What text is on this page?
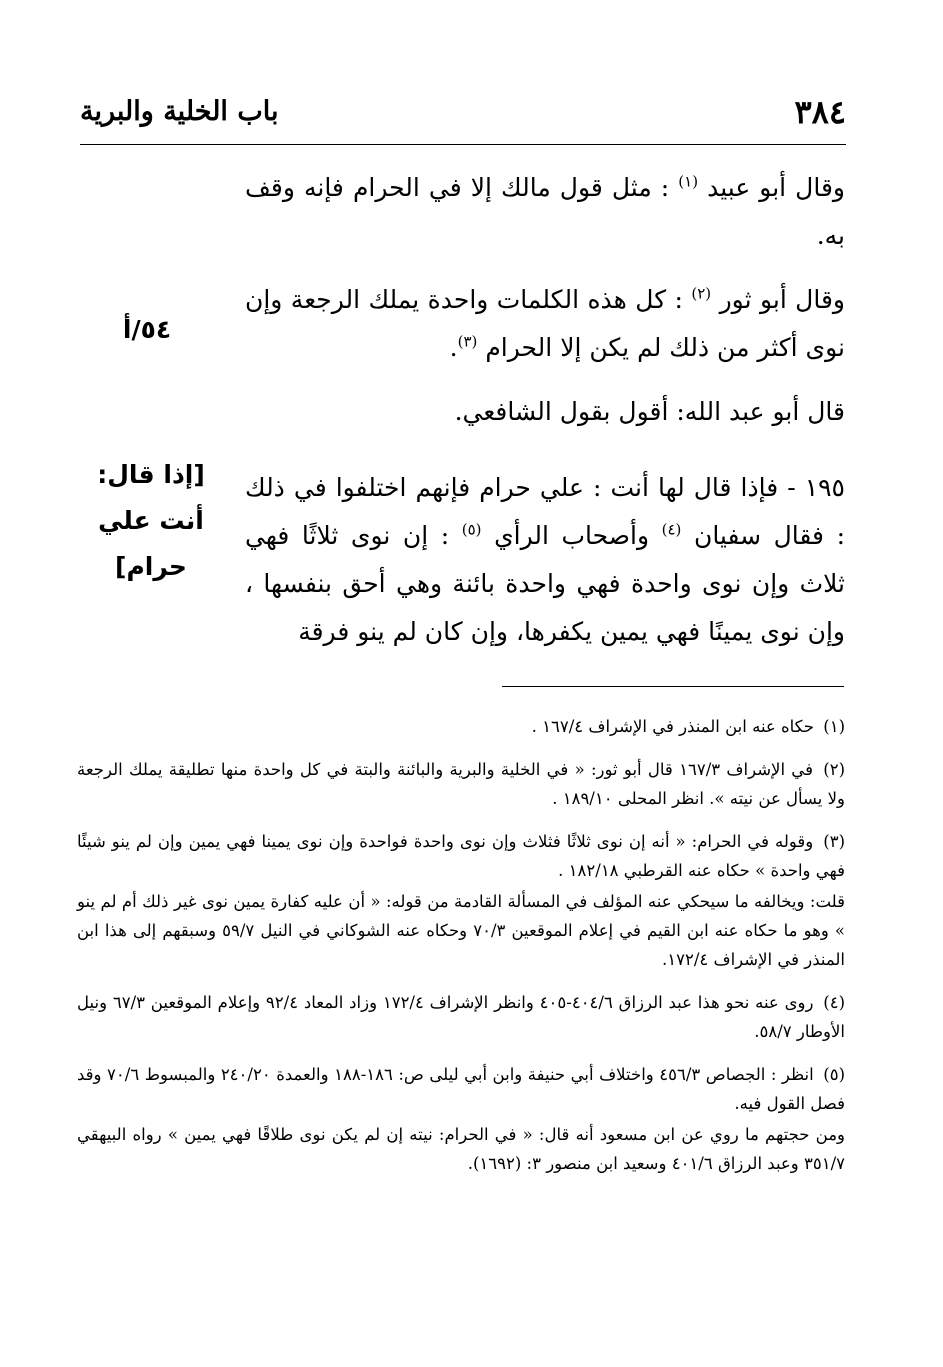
٣٨٤
باب الخلية والبرية

وقال أبو عبيد $^{(١)}$ : مثل قول مالك إلا في الحرام فإنه وقف به.

وقال أبو ثور $^{(٢)}$ : كل هذه الكلمات واحدة يملك الرجعة وإن نوى أكثر من ذلك لم يكن إلا الحرام $^{(٣)}$.

قال أبو عبد الله: أقول بقول الشافعي.

١٩٥ - فإذا قال لها أنت : علي حرام فإنهم اختلفوا في ذلك : فقال سفيان $^{(٤)}$ وأصحاب الرأي $^{(٥)}$ : إن نوى ثلاثًا فهي ثلاث وإن نوى واحدة فهي واحدة بائنة وهي أحق بنفسها ، وإن نوى يمينًا فهي يمين يكفرها، وإن كان لم ينو فرقة

٥٤/أ
[إذا قال:
أنت علي
حرام]
(١) حكاه عنه ابن المنذر في الإشراف ١٦٧/٤ .
(٢) في الإشراف ١٦٧/٣ قال أبو ثور: « في الخلية والبرية والبائنة والبتة في كل واحدة منها تطليقة يملك الرجعة ولا يسأل عن نيته ». انظر المحلى ١٨٩/١٠ .
(٣) وقوله في الحرام: « أنه إن نوى ثلاثًا فثلاث وإن نوى واحدة فواحدة وإن نوى يمينا فهي يمين وإن لم ينو شيئًا فهي واحدة » حكاه عنه القرطبي ١٨٢/١٨ .
قلت: ويخالفه ما سيحكي عنه المؤلف في المسألة القادمة من قوله: « أن عليه كفارة يمين نوى غير ذلك أم لم ينو » وهو ما حكاه عنه ابن القيم في إعلام الموقعين ٧٠/٣ وحكاه عنه الشوكاني في النيل ٥٩/٧ وسبقهم إلى هذا ابن المنذر في الإشراف ١٧٢/٤.
(٤) روى عنه نحو هذا عبد الرزاق ٤٠٤/٦-٤٠٥ وانظر الإشراف ١٧٢/٤ وزاد المعاد ٩٢/٤ وإعلام الموقعين ٦٧/٣ ونيل الأوطار ٥٨/٧.
(٥) انظر : الجصاص ٤٥٦/٣ واختلاف أبي حنيفة وابن أبي ليلى ص: ١٨٦-١٨٨ والعمدة ٢٤٠/٢٠ والمبسوط ٧٠/٦ وقد فصل القول فيه.
ومن حجتهم ما روي عن ابن مسعود أنه قال: « في الحرام: نيته إن لم يكن نوى طلاقًا فهي يمين » رواه البيهقي ٣٥١/٧ وعبد الرزاق ٤٠١/٦ وسعيد ابن منصور ٣: (١٦٩٢).
